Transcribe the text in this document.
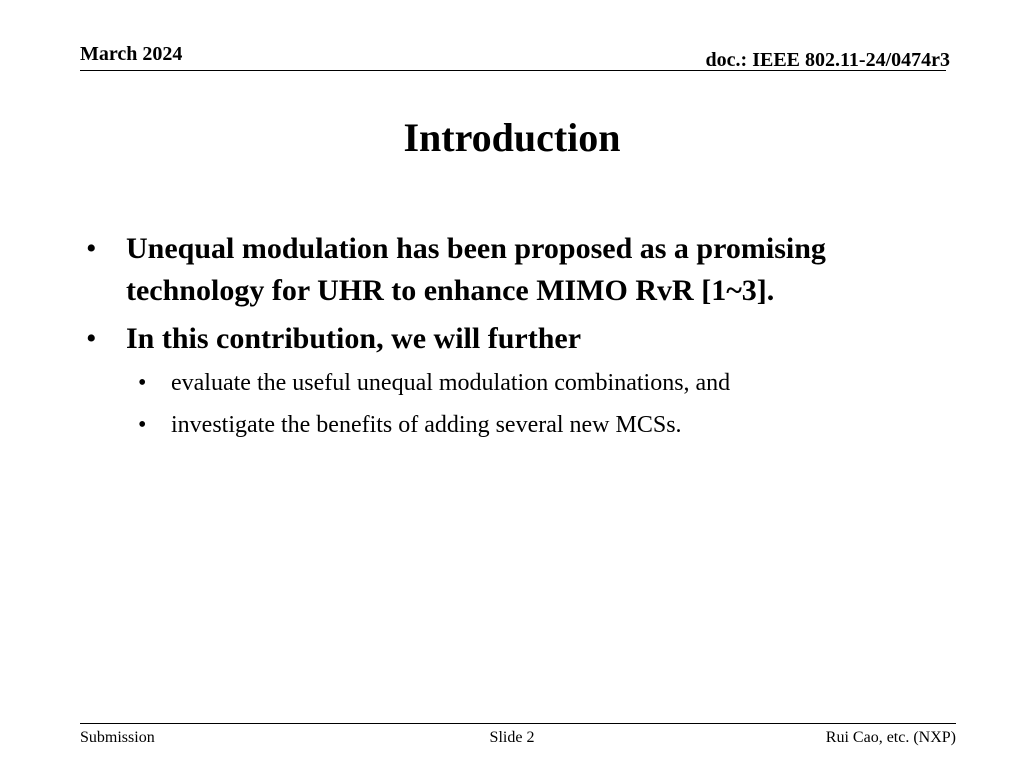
March 2024	doc.: IEEE 802.11-24/0474r3
Introduction
• Unequal modulation has been proposed as a promising technology for UHR to enhance MIMO RvR [1~3].
• In this contribution, we will further
• evaluate the useful unequal modulation combinations, and
• investigate the benefits of adding several new MCSs.
Submission	Slide 2	Rui Cao, etc. (NXP)
